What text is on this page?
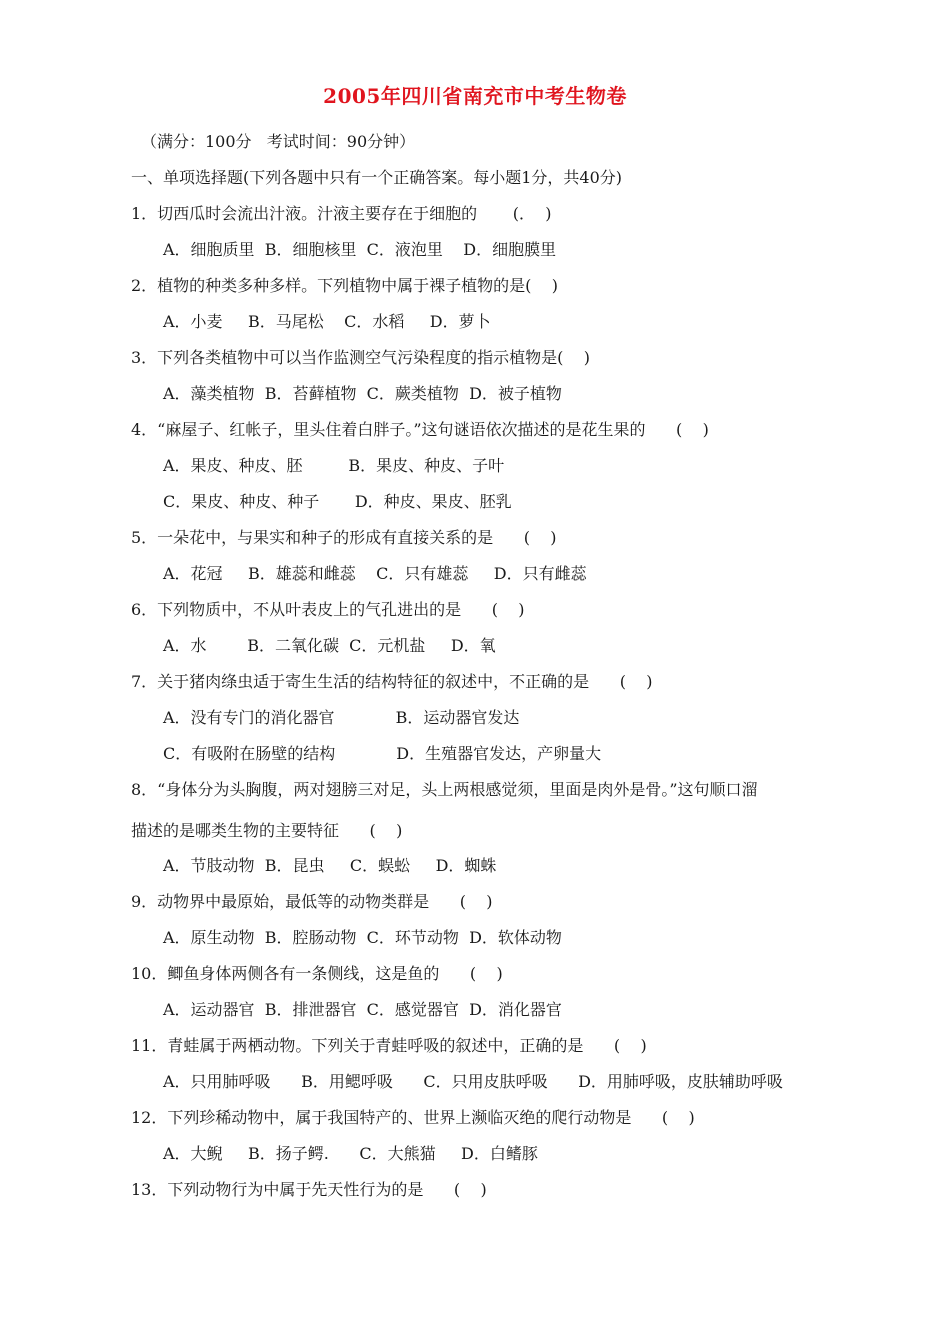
2005年四川省南充市中考生物卷
（满分：100分   考试时间：90分钟）
一、单项选择题(下列各题中只有一个正确答案。每小题1分，共40分)
1．切西瓜时会流出汁液。汁液主要存在于细胞的       (．  )
A．细胞质里  B．细胞核里  C．液泡里    D．细胞膜里
2．植物的种类多种多样。下列植物中属于裸子植物的是(    )
A．小麦     B．马尾松    C．水稻     D．萝卜
3．下列各类植物中可以当作监测空气污染程度的指示植物是(    )
A．藻类植物  B．苔藓植物  C．蕨类植物  D．被子植物
4．“麻屋子、红帐子，里头住着白胖子。”这句谜语依次描述的是花生果的      (    )
A．果皮、种皮、胚         B．果皮、种皮、子叶
C．果皮、种皮、种子       D．种皮、果皮、胚乳
5．一朵花中，与果实和种子的形成有直接关系的是      (    )
A．花冠     B．雄蕊和雌蕊    C．只有雄蕊     D．只有雌蕊
6．下列物质中，不从叶表皮上的气孔进出的是      (    )
A．水        B．二氧化碳  C．元机盐     D．氧
7．关于猪肉绦虫适于寄生生活的结构特征的叙述中，不正确的是      (    )
A．没有专门的消化器官            B．运动器官发达
C．有吸附在肠壁的结构            D．生殖器官发达，产卵量大
8．“身体分为头胸腹，两对翅膀三对足，头上两根感觉须，里面是肉外是骨。”这句顺口溜
描述的是哪类生物的主要特征      (    )
A．节肢动物  B．昆虫     C．蜈蚣     D．蜘蛛
9．动物界中最原始，最低等的动物类群是      (    )
A．原生动物  B．腔肠动物  C．环节动物  D．软体动物
10．鲫鱼身体两侧各有一条侧线，这是鱼的      (    )
A．运动器官  B．排泄器官  C．感觉器官  D．消化器官
11．青蛙属于两栖动物。下列关于青蛙呼吸的叙述中，正确的是      (    )
A．只用肺呼吸      B．用鳃呼吸      C．只用皮肤呼吸      D．用肺呼吸，皮肤辅助呼吸
12．下列珍稀动物中，属于我国特产的、世界上濒临灭绝的爬行动物是      (    )
A．大鲵     B．扬子鳄.      C．大熊猫     D．白鳍豚
13．下列动物行为中属于先天性行为的是      (    )
